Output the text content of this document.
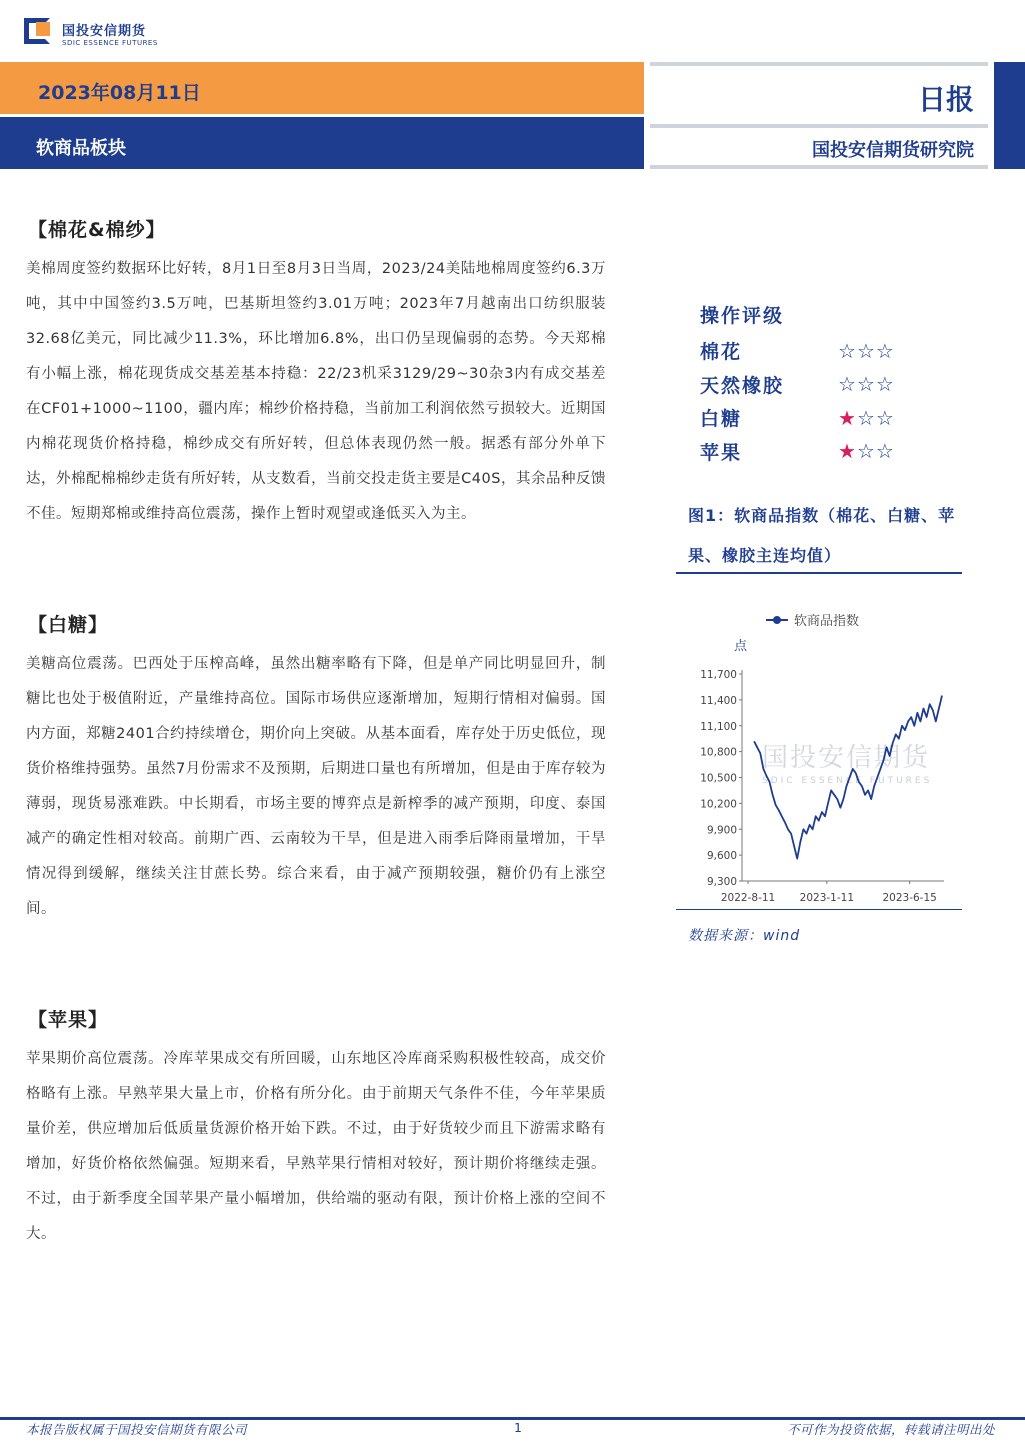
国投安信期货
SDIC ESSENCE FUTURES
2023年08月11日
软商品板块
日报
国投安信期货研究院
【棉花&棉纱】
美棉周度签约数据环比好转，8月1日至8月3日当周，2023/24美陆地棉周度签约6.3万吨，其中中国签约3.5万吨，巴基斯坦签约3.01万吨；2023年7月越南出口纺织服装32.68亿美元，同比减少11.3%，环比增加6.8%，出口仍呈现偏弱的态势。今天郑棉有小幅上涨，棉花现货成交基差基本持稳：22/23机采3129/29~30杂3内有成交基差在CF01+1000~1100，疆内库；棉纱价格持稳，当前加工利润依然亏损较大。近期国内棉花现货价格持稳，棉纱成交有所好转，但总体表现仍然一般。据悉有部分外单下达，外棉配棉棉纱走货有所好转，从支数看，当前交投走货主要是C40S，其余品种反馈不佳。短期郑棉或维持高位震荡，操作上暂时观望或逢低买入为主。
【白糖】
美糖高位震荡。巴西处于压榨高峰，虽然出糖率略有下降，但是单产同比明显回升，制糖比也处于极值附近，产量维持高位。国际市场供应逐渐增加，短期行情相对偏弱。国内方面，郑糖2401合约持续增仓，期价向上突破。从基本面看，库存处于历史低位，现货价格维持强势。虽然7月份需求不及预期，后期进口量也有所增加，但是由于库存较为薄弱，现货易涨难跌。中长期看，市场主要的博弈点是新榨季的减产预期，印度、泰国减产的确定性相对较高。前期广西、云南较为干旱，但是进入雨季后降雨量增加，干旱情况得到缓解，继续关注甘蔗长势。综合来看，由于减产预期较强，糖价仍有上涨空间。
【苹果】
苹果期价高位震荡。冷库苹果成交有所回暖，山东地区冷库商采购积极性较高，成交价格略有上涨。早熟苹果大量上市，价格有所分化。由于前期天气条件不佳，今年苹果质量价差，供应增加后低质量货源价格开始下跌。不过，由于好货较少而且下游需求略有增加，好货价格依然偏强。短期来看，早熟苹果行情相对较好，预计期价将继续走强。不过，由于新季度全国苹果产量小幅增加，供给端的驱动有限，预计价格上涨的空间不大。
操作评级
棉花	☆☆☆
天然橡胶	☆☆☆
白糖	★☆☆
苹果	★☆☆
图1：软商品指数（棉花、白糖、苹果、橡胶主连均值）
国投安信期货
SDIC ESSENCE FUTURES
软商品指数
点
11,700
11,400
11,100
10,800
10,500
10,200
9,900
9,600
9,300
2022-8-11 2023-1-11	2023-6-15
数据来源：wind
本报告版权属于国投安信期货有限公司	1	不可作为投资依据，转载请注明出处
